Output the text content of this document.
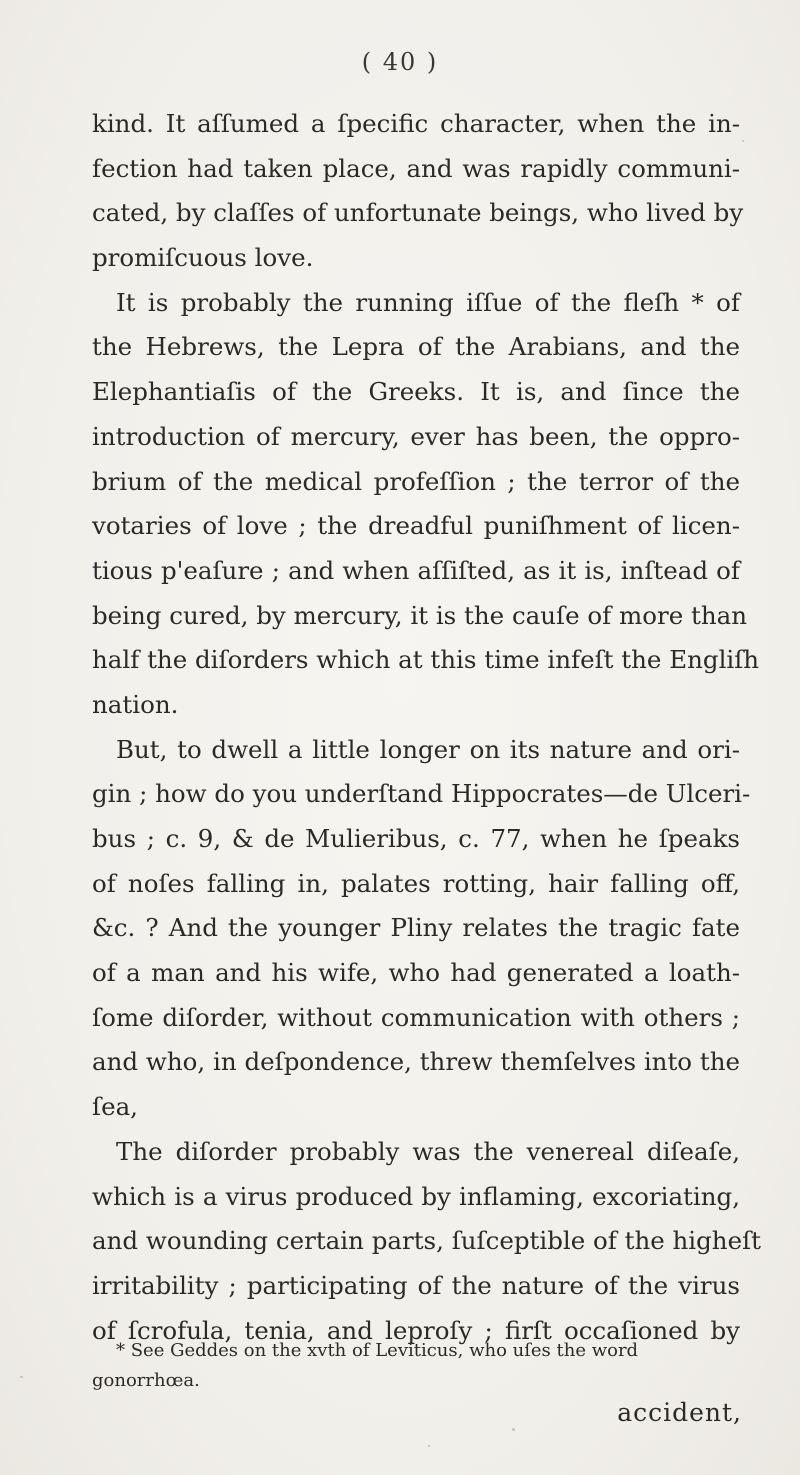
( 40 )
kind. It aſſumed a ſpecific character, when the in-
fection had taken place, and was rapidly communi-
cated, by claſſes of unfortunate beings, who lived by
promiſcuous love.
It is probably the running iſſue of the fleſh * of
the Hebrews, the Lepra of the Arabians, and the
Elephantiaſis of the Greeks. It is, and ſince the
introduction of mercury, ever has been, the oppro-
brium of the medical profeſſion ; the terror of the
votaries of love ; the dreadful puniſhment of licen-
tious p'eaſure ; and when aſſiſted, as it is, inſtead of
being cured, by mercury, it is the cauſe of more than
half the diſorders which at this time infeſt the Engliſh
nation.
But, to dwell a little longer on its nature and ori-
gin ; how do you underſtand Hippocrates—de Ulceri-
bus ; c. 9, & de Mulieribus, c. 77, when he ſpeaks
of noſes falling in, palates rotting, hair falling off,
&c. ? And the younger Pliny relates the tragic fate
of a man and his wife, who had generated a loath-
ſome diſorder, without communication with others ;
and who, in deſpondence, threw themſelves into the
ſea,
The diſorder probably was the venereal diſeaſe,
which is a virus produced by inflaming, excoriating,
and wounding certain parts, ſuſceptible of the higheſt
irritability ; participating of the nature of the virus
of ſcrofula, tenia, and leproſy ; firſt occaſioned by
* See Geddes on the xvth of Leviticus, who uſes the word
gonorrhœa.
accident,
